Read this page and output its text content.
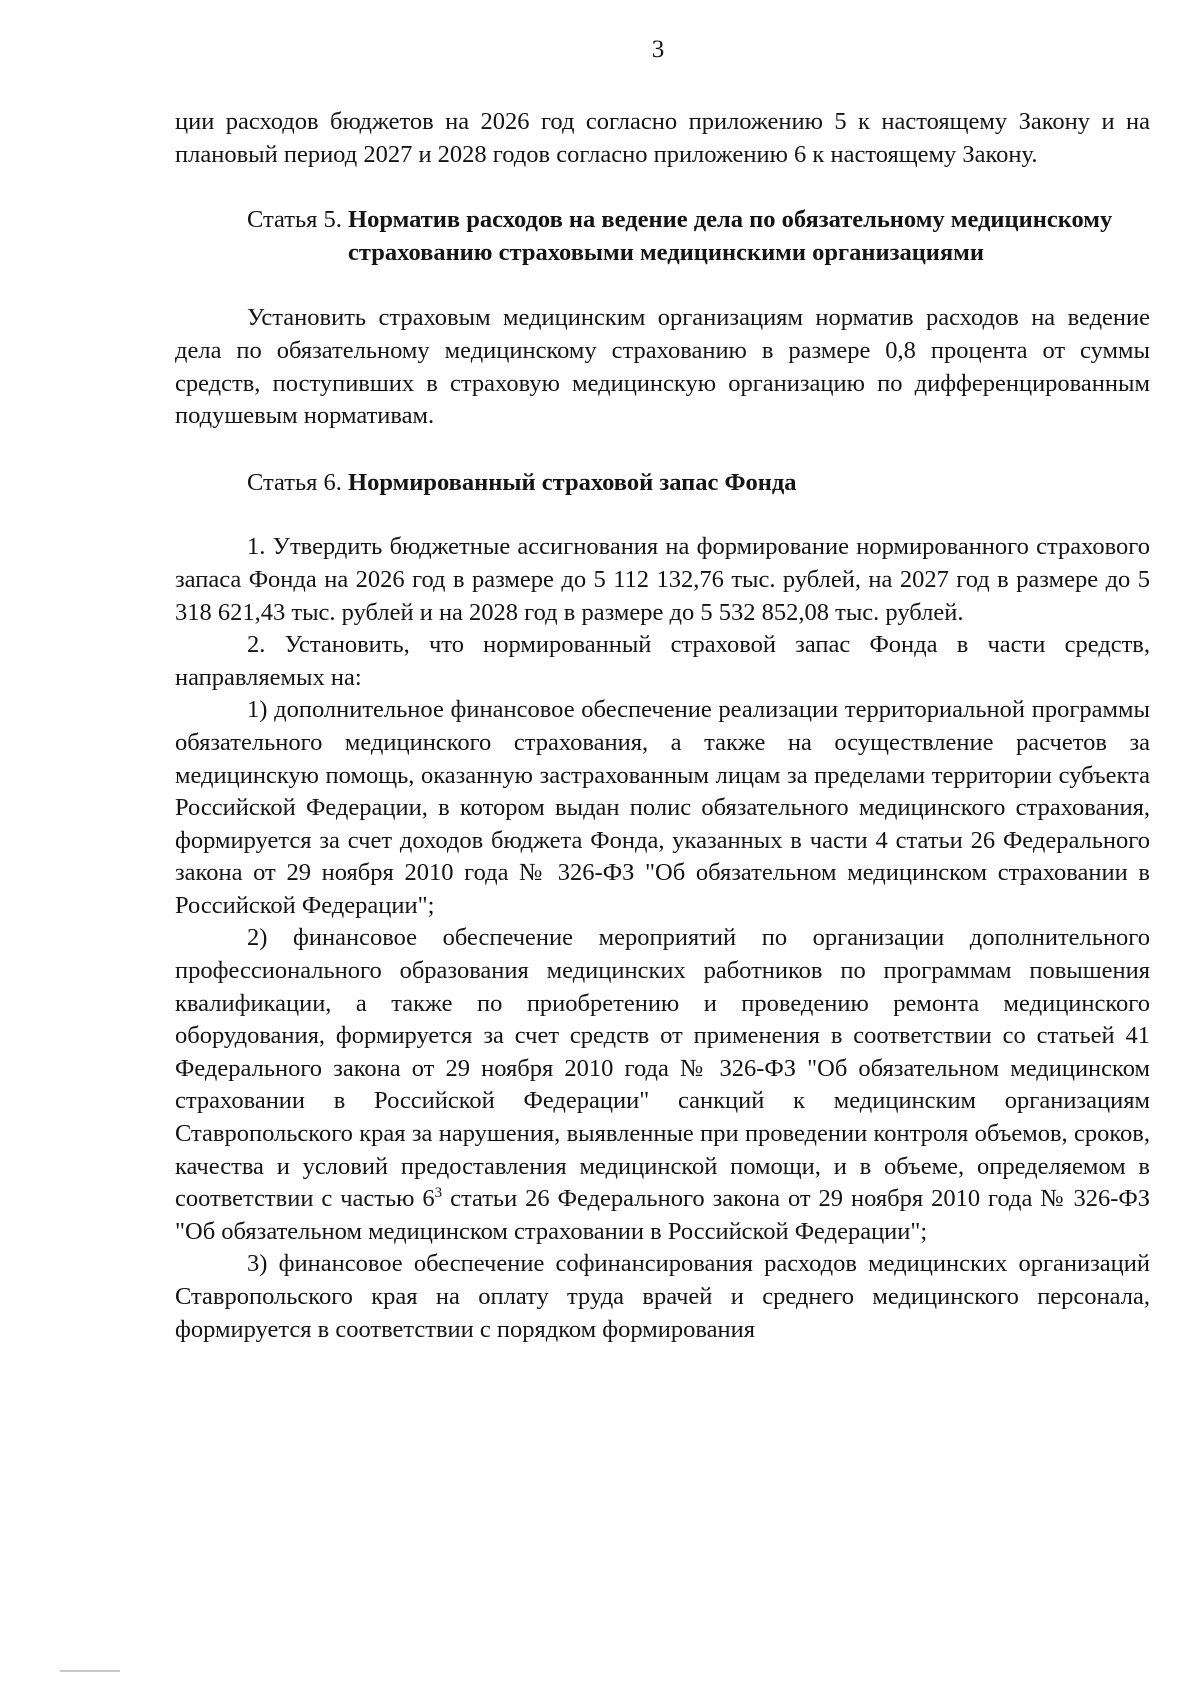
3

ции расходов бюджетов на 2026 год согласно приложению 5 к настоящему Закону и на плановый период 2027 и 2028 годов согласно приложению 6 к настоящему Закону.

Статья 5. Норматив расходов на ведение дела по обязательному медицинскому страхованию страховыми медицинскими организациями

Установить страховым медицинским организациям норматив расходов на ведение дела по обязательному медицинскому страхованию в размере 0,8 процента от суммы средств, поступивших в страховую медицинскую организацию по дифференцированным подушевым нормативам.

Статья 6. Нормированный страховой запас Фонда

1. Утвердить бюджетные ассигнования на формирование нормированного страхового запаса Фонда на 2026 год в размере до 5 112 132,76 тыс. рублей, на 2027 год в размере до 5 318 621,43 тыс. рублей и на 2028 год в размере до 5 532 852,08 тыс. рублей.

2. Установить, что нормированный страховой запас Фонда в части средств, направляемых на:

1) дополнительное финансовое обеспечение реализации территориальной программы обязательного медицинского страхования, а также на осуществление расчетов за медицинскую помощь, оказанную застрахованным лицам за пределами территории субъекта Российской Федерации, в котором выдан полис обязательного медицинского страхования, формируется за счет доходов бюджета Фонда, указанных в части 4 статьи 26 Федерального закона от 29 ноября 2010 года № 326-ФЗ "Об обязательном медицинском страховании в Российской Федерации";

2) финансовое обеспечение мероприятий по организации дополнительного профессионального образования медицинских работников по программам повышения квалификации, а также по приобретению и проведению ремонта медицинского оборудования, формируется за счет средств от применения в соответствии со статьей 41 Федерального закона от 29 ноября 2010 года № 326-ФЗ "Об обязательном медицинском страховании в Российской Федерации" санкций к медицинским организациям Ставропольского края за нарушения, выявленные при проведении контроля объемов, сроков, качества и условий предоставления медицинской помощи, и в объеме, определяемом в соответствии с частью $6^3$ статьи 26 Федерального закона от 29 ноября 2010 года № 326-ФЗ "Об обязательном медицинском страховании в Российской Федерации";

3) финансовое обеспечение софинансирования расходов медицинских организаций Ставропольского края на оплату труда врачей и среднего медицинского персонала, формируется в соответствии с порядком формирования
